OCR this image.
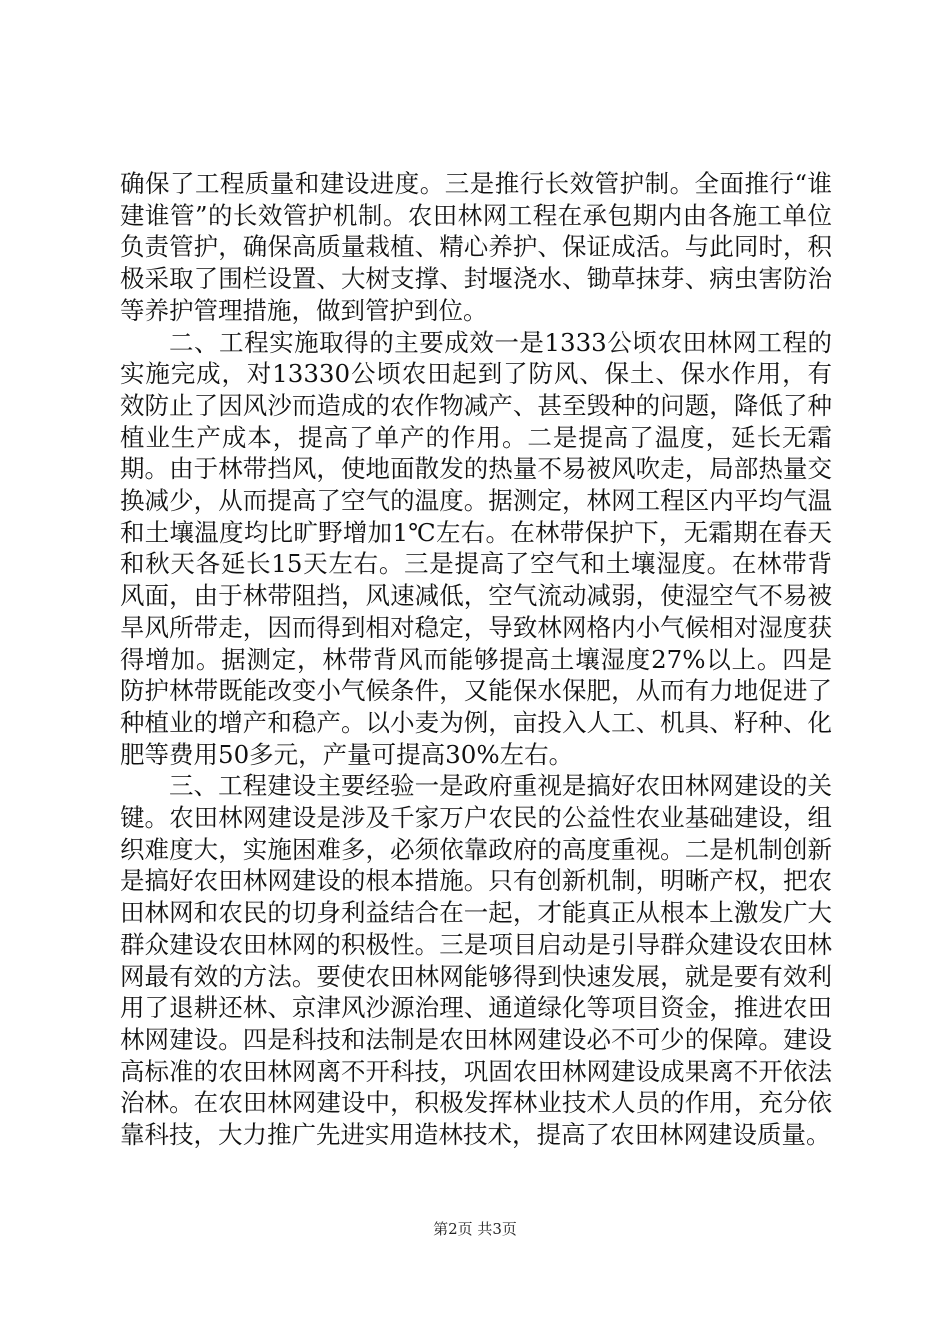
确保了工程质量和建设进度。三是推行长效管护制。全面推行“谁建谁管”的长效管护机制。农田林网工程在承包期内由各施工单位负责管护，确保高质量栽植、精心养护、保证成活。与此同时，积极采取了围栏设置、大树支撑、封堰浇水、锄草抹芽、病虫害防治等养护管理措施，做到管护到位。

二、工程实施取得的主要成效一是1333公顷农田林网工程的实施完成，对13330公顷农田起到了防风、保土、保水作用，有效防止了因风沙而造成的农作物减产、甚至毁种的问题，降低了种植业生产成本，提高了单产的作用。二是提高了温度，延长无霜期。由于林带挡风，使地面散发的热量不易被风吹走，局部热量交换减少，从而提高了空气的温度。据测定，林网工程区内平均气温和土壤温度均比旷野增加1℃左右。在林带保护下，无霜期在春天和秋天各延长15天左右。三是提高了空气和土壤湿度。在林带背风面，由于林带阻挡，风速减低，空气流动减弱，使湿空气不易被旱风所带走，因而得到相对稳定，导致林网格内小气候相对湿度获得增加。据测定，林带背风而能够提高土壤湿度27%以上。四是防护林带既能改变小气候条件，又能保水保肥，从而有力地促进了种植业的增产和稳产。以小麦为例，亩投入人工、机具、籽种、化肥等费用50多元，产量可提高30%左右。

三、工程建设主要经验一是政府重视是搞好农田林网建设的关键。农田林网建设是涉及千家万户农民的公益性农业基础建设，组织难度大，实施困难多，必须依靠政府的高度重视。二是机制创新是搞好农田林网建设的根本措施。只有创新机制，明晰产权，把农田林网和农民的切身利益结合在一起，才能真正从根本上激发广大群众建设农田林网的积极性。三是项目启动是引导群众建设农田林网最有效的方法。要使农田林网能够得到快速发展，就是要有效利用了退耕还林、京津风沙源治理、通道绿化等项目资金，推进农田林网建设。四是科技和法制是农田林网建设必不可少的保障。建设高标准的农田林网离不开科技，巩固农田林网建设成果离不开依法治林。在农田林网建设中，积极发挥林业技术人员的作用，充分依靠科技，大力推广先进实用造林技术，提高了农田林网建设质量。

第2页 共3页
